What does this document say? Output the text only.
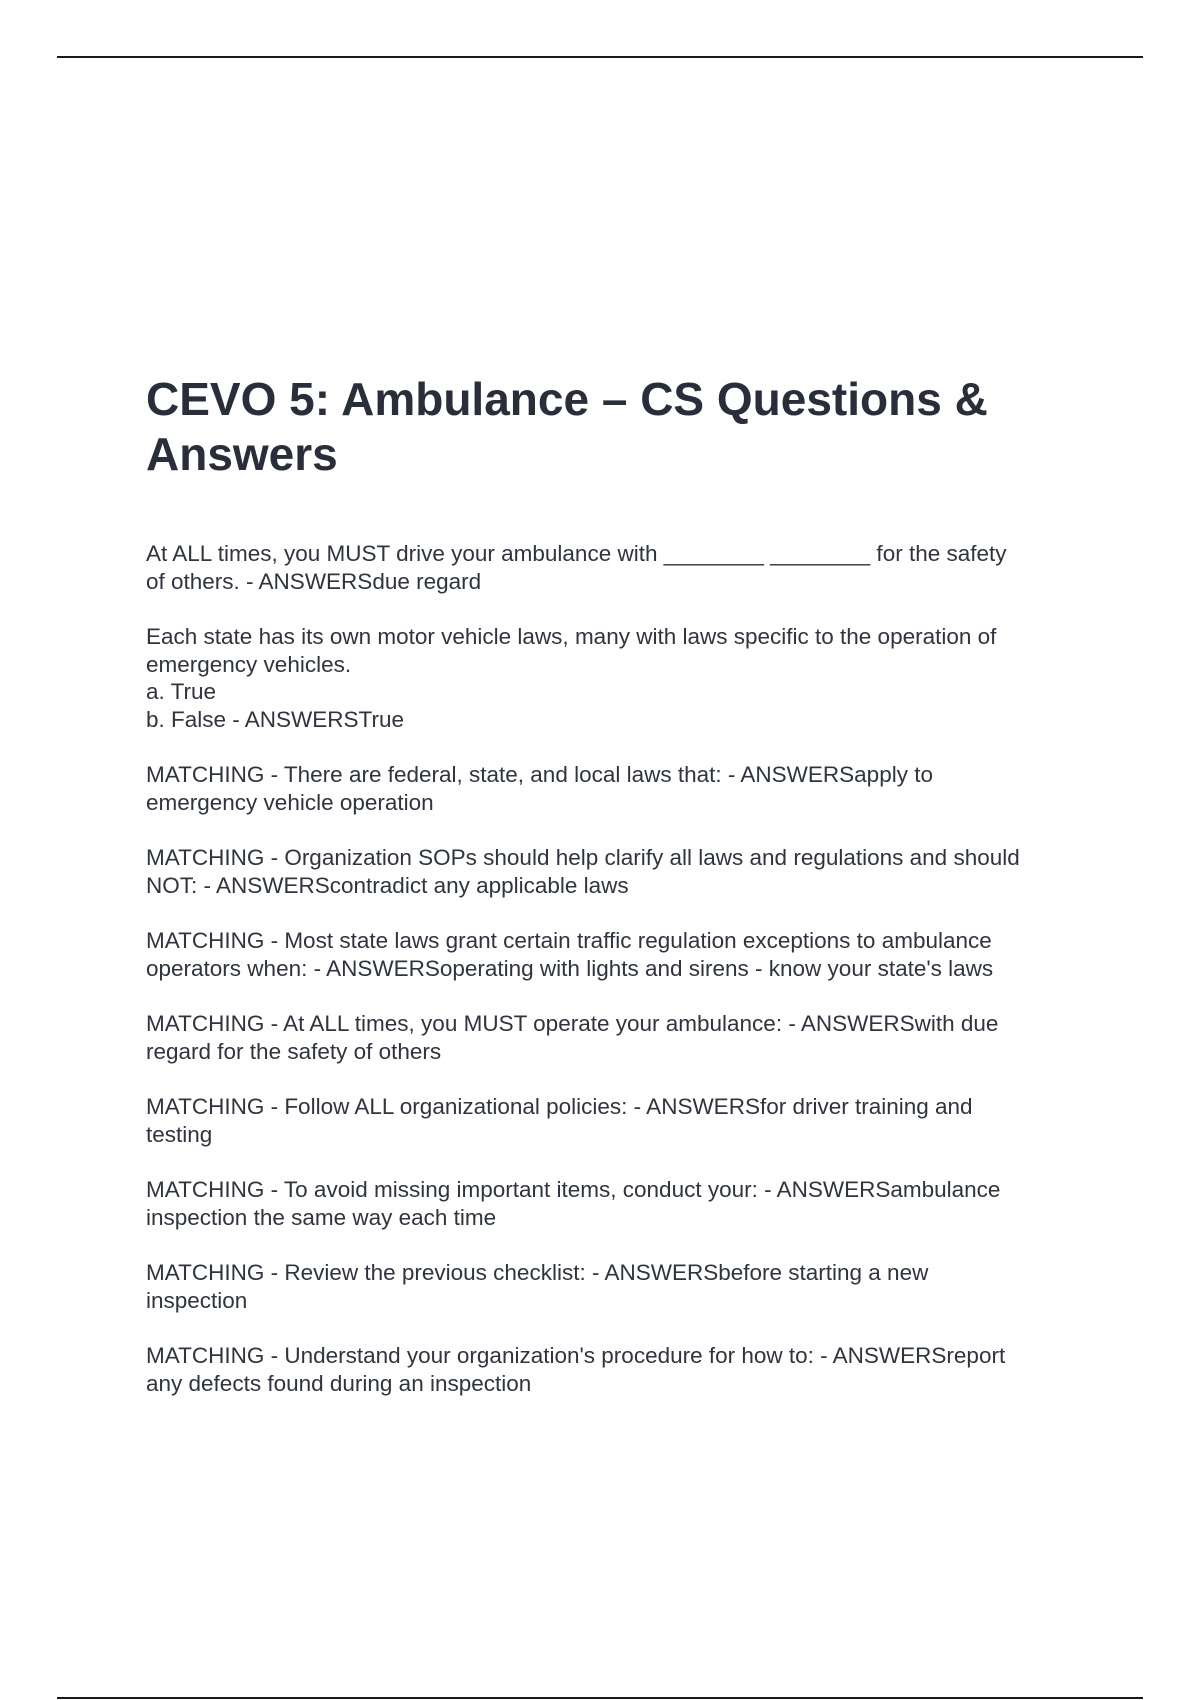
CEVO 5: Ambulance – CS Questions &
Answers
At ALL times, you MUST drive your ambulance with ________ ________ for the safety
of others. - ANSWERSdue regard
Each state has its own motor vehicle laws, many with laws specific to the operation of
emergency vehicles.
a. True
b. False - ANSWERSTrue
MATCHING - There are federal, state, and local laws that: - ANSWERSapply to
emergency vehicle operation
MATCHING - Organization SOPs should help clarify all laws and regulations and should
NOT: - ANSWERScontradict any applicable laws
MATCHING - Most state laws grant certain traffic regulation exceptions to ambulance
operators when: - ANSWERSoperating with lights and sirens - know your state's laws
MATCHING - At ALL times, you MUST operate your ambulance: - ANSWERSwith due
regard for the safety of others
MATCHING - Follow ALL organizational policies: - ANSWERSfor driver training and
testing
MATCHING - To avoid missing important items, conduct your: - ANSWERSambulance
inspection the same way each time
MATCHING - Review the previous checklist: - ANSWERSbefore starting a new
inspection
MATCHING - Understand your organization's procedure for how to: - ANSWERSreport
any defects found during an inspection
